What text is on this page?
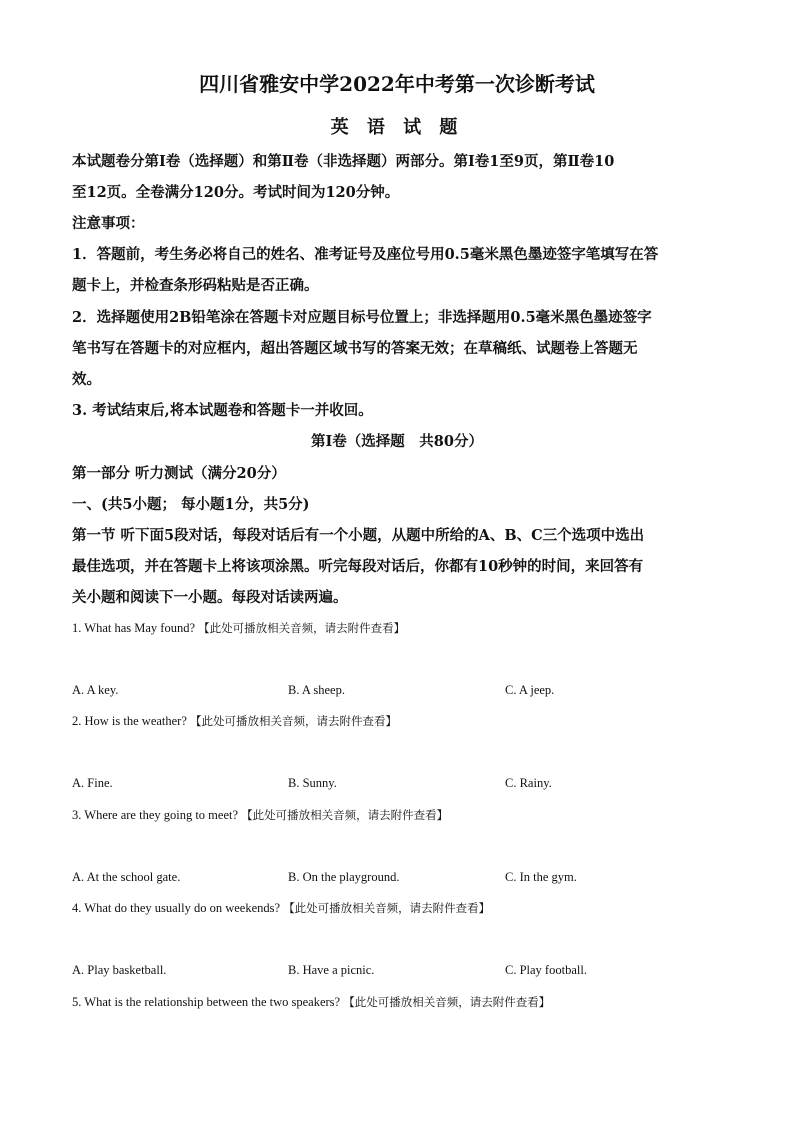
四川省雅安中学2022年中考第一次诊断考试
英 语 试 题
本试题卷分第Ⅰ卷（选择题）和第Ⅱ卷（非选择题）两部分。第Ⅰ卷1至9页，第Ⅱ卷10
至12页。全卷满分120分。考试时间为120分钟。
注意事项：
1．答题前，考生务必将自己的姓名、准考证号及座位号用0.5毫米黑色墨迹签字笔填写在答
题卡上，并检查条形码粘贴是否正确。
2．选择题使用2B铅笔涂在答题卡对应题目标号位置上；非选择题用0.5毫米黑色墨迹签字
笔书写在答题卡的对应框内，超出答题区域书写的答案无效；在草稿纸、试题卷上答题无
效。
3. 考试结束后,将本试题卷和答题卡一并收回。
第Ⅰ卷（选择题　共80分）
第一部分 听力测试（满分20分）
一、(共5小题； 每小题1分，共5分)
第一节 听下面5段对话，每段对话后有一个小题，从题中所给的A、B、C三个选项中选出
最佳选项，并在答题卡上将该项涂黑。听完每段对话后，你都有10秒钟的时间，来回答有
关小题和阅读下一小题。每段对话读两遍。
1. What has May found? 【此处可播放相关音频，请去附件查看】
A. A key.	B. A sheep.	C. A jeep.
2. How is the weather? 【此处可播放相关音频，请去附件查看】
A. Fine.	B. Sunny.	C. Rainy.
3. Where are they going to meet? 【此处可播放相关音频，请去附件查看】
A. At the school gate.	B. On the playground.	C. In the gym.
4. What do they usually do on weekends? 【此处可播放相关音频，请去附件查看】
A. Play basketball.	B. Have a picnic.	C. Play football.
5. What is the relationship between the two speakers? 【此处可播放相关音频，请去附件查看】
